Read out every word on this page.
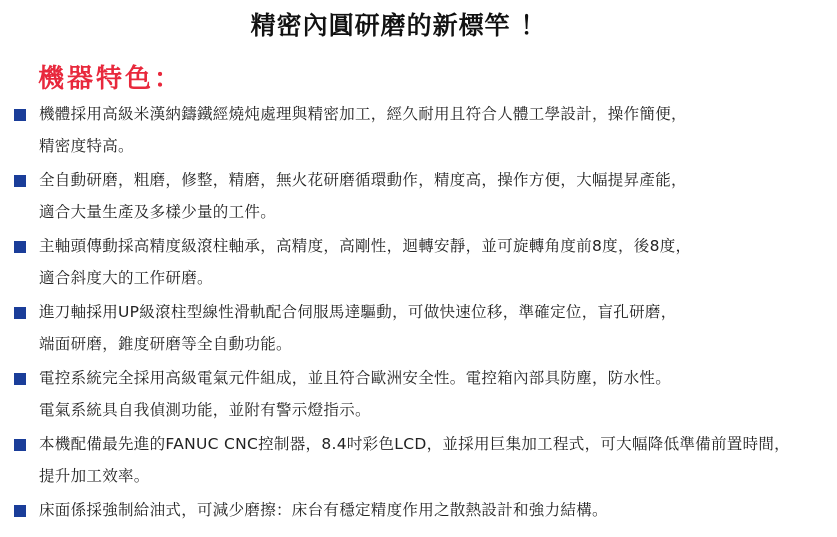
精密內圓研磨的新標竿 ！
機器特色：
機體採用高級米漢納鑄鐵經燒炖處理與精密加工，經久耐用且符合人體工學設計，操作簡便，
精密度特高。
全自動研磨，粗磨，修整，精磨，無火花研磨循環動作，精度高，操作方便，大幅提昇產能，
適合大量生產及多樣少量的工件。
主軸頭傳動採高精度級滾柱軸承，高精度，高剛性，迴轉安靜，並可旋轉角度前8度，後8度，
適合斜度大的工作研磨。
進刀軸採用UP級滾柱型線性滑軌配合伺服馬達驅動，可做快速位移，準確定位，盲孔研磨，
端面研磨，錐度研磨等全自動功能。
電控系統完全採用高級電氣元件組成，並且符合歐洲安全性。電控箱內部具防塵，防水性。
電氣系統具自我偵測功能，並附有警示燈指示。
本機配備最先進的FANUC CNC控制器，8.4吋彩色LCD，並採用巨集加工程式，可大幅降低準備前置時間，
提升加工效率。
床面係採強制給油式，可減少磨擦：床台有穩定精度作用之散熱設計和強力結構。
